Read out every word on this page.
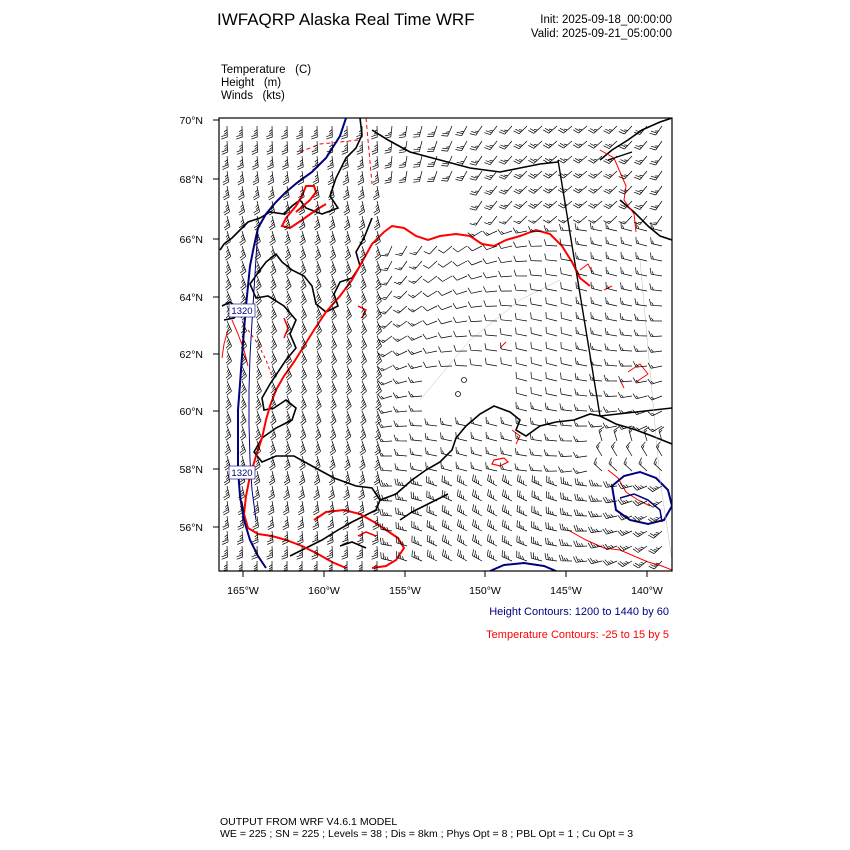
IWFAQRP Alaska Real Time WRF	Init: 2025-09-18_00:00:00
Valid: 2025-09-21_05:00:00
Temperature   (C)
Height   (m)
Winds   (kts)
1320
1320
70°N
68°N
66°N
64°N
62°N
60°N
58°N
56°N
165°W	160°W	155°W	150°W	145°W	140°W
Height Contours: 1200 to 1440 by 60
Temperature Contours: -25 to 15 by 5
OUTPUT FROM WRF V4.6.1 MODEL
WE = 225 ; SN = 225 ; Levels = 38 ; Dis = 8km ; Phys Opt = 8 ; PBL Opt = 1 ; Cu Opt = 3
